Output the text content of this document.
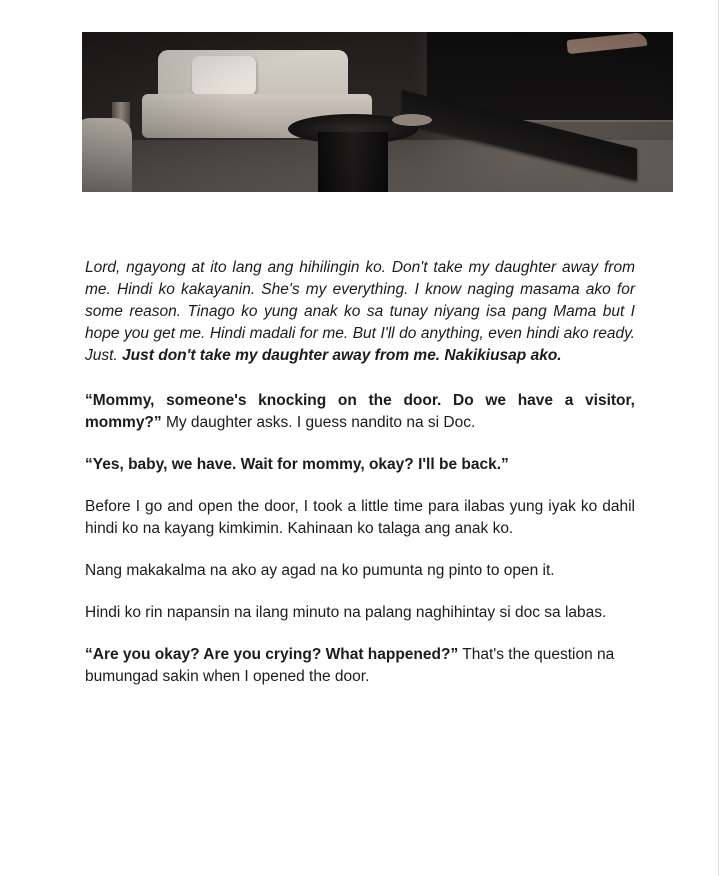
Lord, ngayong at ito lang ang hihilingin ko. Don't take my daughter away from me. Hindi ko kakayanin. She's my everything. I know naging masama ako for some reason. Tinago ko yung anak ko sa tunay niyang isa pang Mama but I hope you get me. Hindi madali for me. But I'll do anything, even hindi ako ready. Just. Just don't take my daughter away from me. Nakikiusap ako.

“Mommy, someone's knocking on the door. Do we have a visitor, mommy?” My daughter asks. I guess nandito na si Doc.

“Yes, baby, we have. Wait for mommy, okay? I'll be back.”

Before I go and open the door, I took a little time para ilabas yung iyak ko dahil hindi ko na kayang kimkimin. Kahinaan ko talaga ang anak ko.

Nang makakalma na ako ay agad na ko pumunta ng pinto to open it.

Hindi ko rin napansin na ilang minuto na palang naghihintay si doc sa labas.

“Are you okay? Are you crying? What happened?” That's the question na bumungad sakin when I opened the door.
